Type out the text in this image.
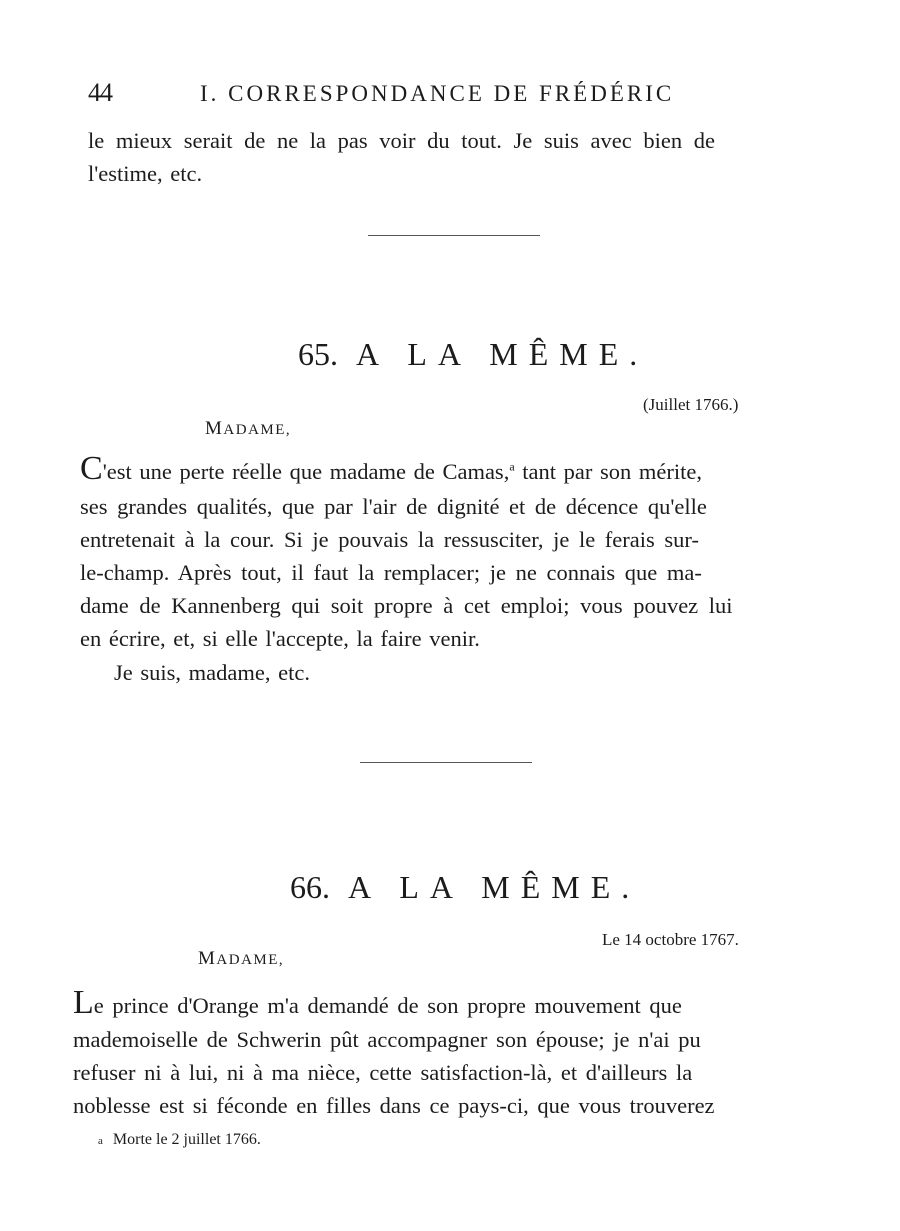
44	I. CORRESPONDANCE DE FRÉDÉRIC
le mieux serait de ne la pas voir du tout. Je suis avec bien de
l'estime, etc.
65. A LA MÊME.
(Juillet 1766.)
MADAME,
C'est une perte réelle que madame de Camas,$^a$ tant par son mérite,
ses grandes qualités, que par l'air de dignité et de décence qu'elle
entretenait à la cour. Si je pouvais la ressusciter, je le ferais sur-
le-champ. Après tout, il faut la remplacer; je ne connais que ma-
dame de Kannenberg qui soit propre à cet emploi; vous pouvez lui
en écrire, et, si elle l'accepte, la faire venir.
Je suis, madame, etc.
66. A LA MÊME.
Le 14 octobre 1767.
MADAME,
Le prince d'Orange m'a demandé de son propre mouvement que
mademoiselle de Schwerin pût accompagner son épouse; je n'ai pu
refuser ni à lui, ni à ma nièce, cette satisfaction-là, et d'ailleurs la
noblesse est si féconde en filles dans ce pays-ci, que vous trouverez
a Morte le 2 juillet 1766.
